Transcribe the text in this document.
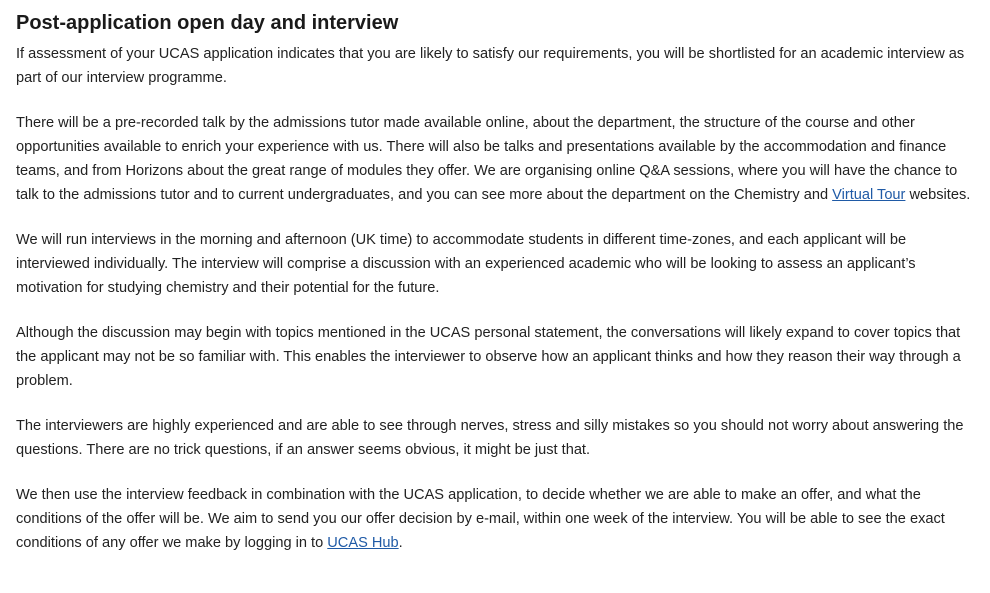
Post-application open day and interview

If assessment of your UCAS application indicates that you are likely to satisfy our requirements, you will be shortlisted for an academic interview as part of our interview programme.

There will be a pre-recorded talk by the admissions tutor made available online, about the department, the structure of the course and other opportunities available to enrich your experience with us. There will also be talks and presentations available by the accommodation and finance teams, and from Horizons about the great range of modules they offer. We are organising online Q&A sessions, where you will have the chance to talk to the admissions tutor and to current undergraduates, and you can see more about the department on the Chemistry and Virtual Tour websites.

We will run interviews in the morning and afternoon (UK time) to accommodate students in different time-zones, and each applicant will be interviewed individually. The interview will comprise a discussion with an experienced academic who will be looking to assess an applicant’s motivation for studying chemistry and their potential for the future.

Although the discussion may begin with topics mentioned in the UCAS personal statement, the conversations will likely expand to cover topics that the applicant may not be so familiar with. This enables the interviewer to observe how an applicant thinks and how they reason their way through a problem.

The interviewers are highly experienced and are able to see through nerves, stress and silly mistakes so you should not worry about answering the questions. There are no trick questions, if an answer seems obvious, it might be just that.

We then use the interview feedback in combination with the UCAS application, to decide whether we are able to make an offer, and what the conditions of the offer will be. We aim to send you our offer decision by e-mail, within one week of the interview. You will be able to see the exact conditions of any offer we make by logging in to UCAS Hub.
